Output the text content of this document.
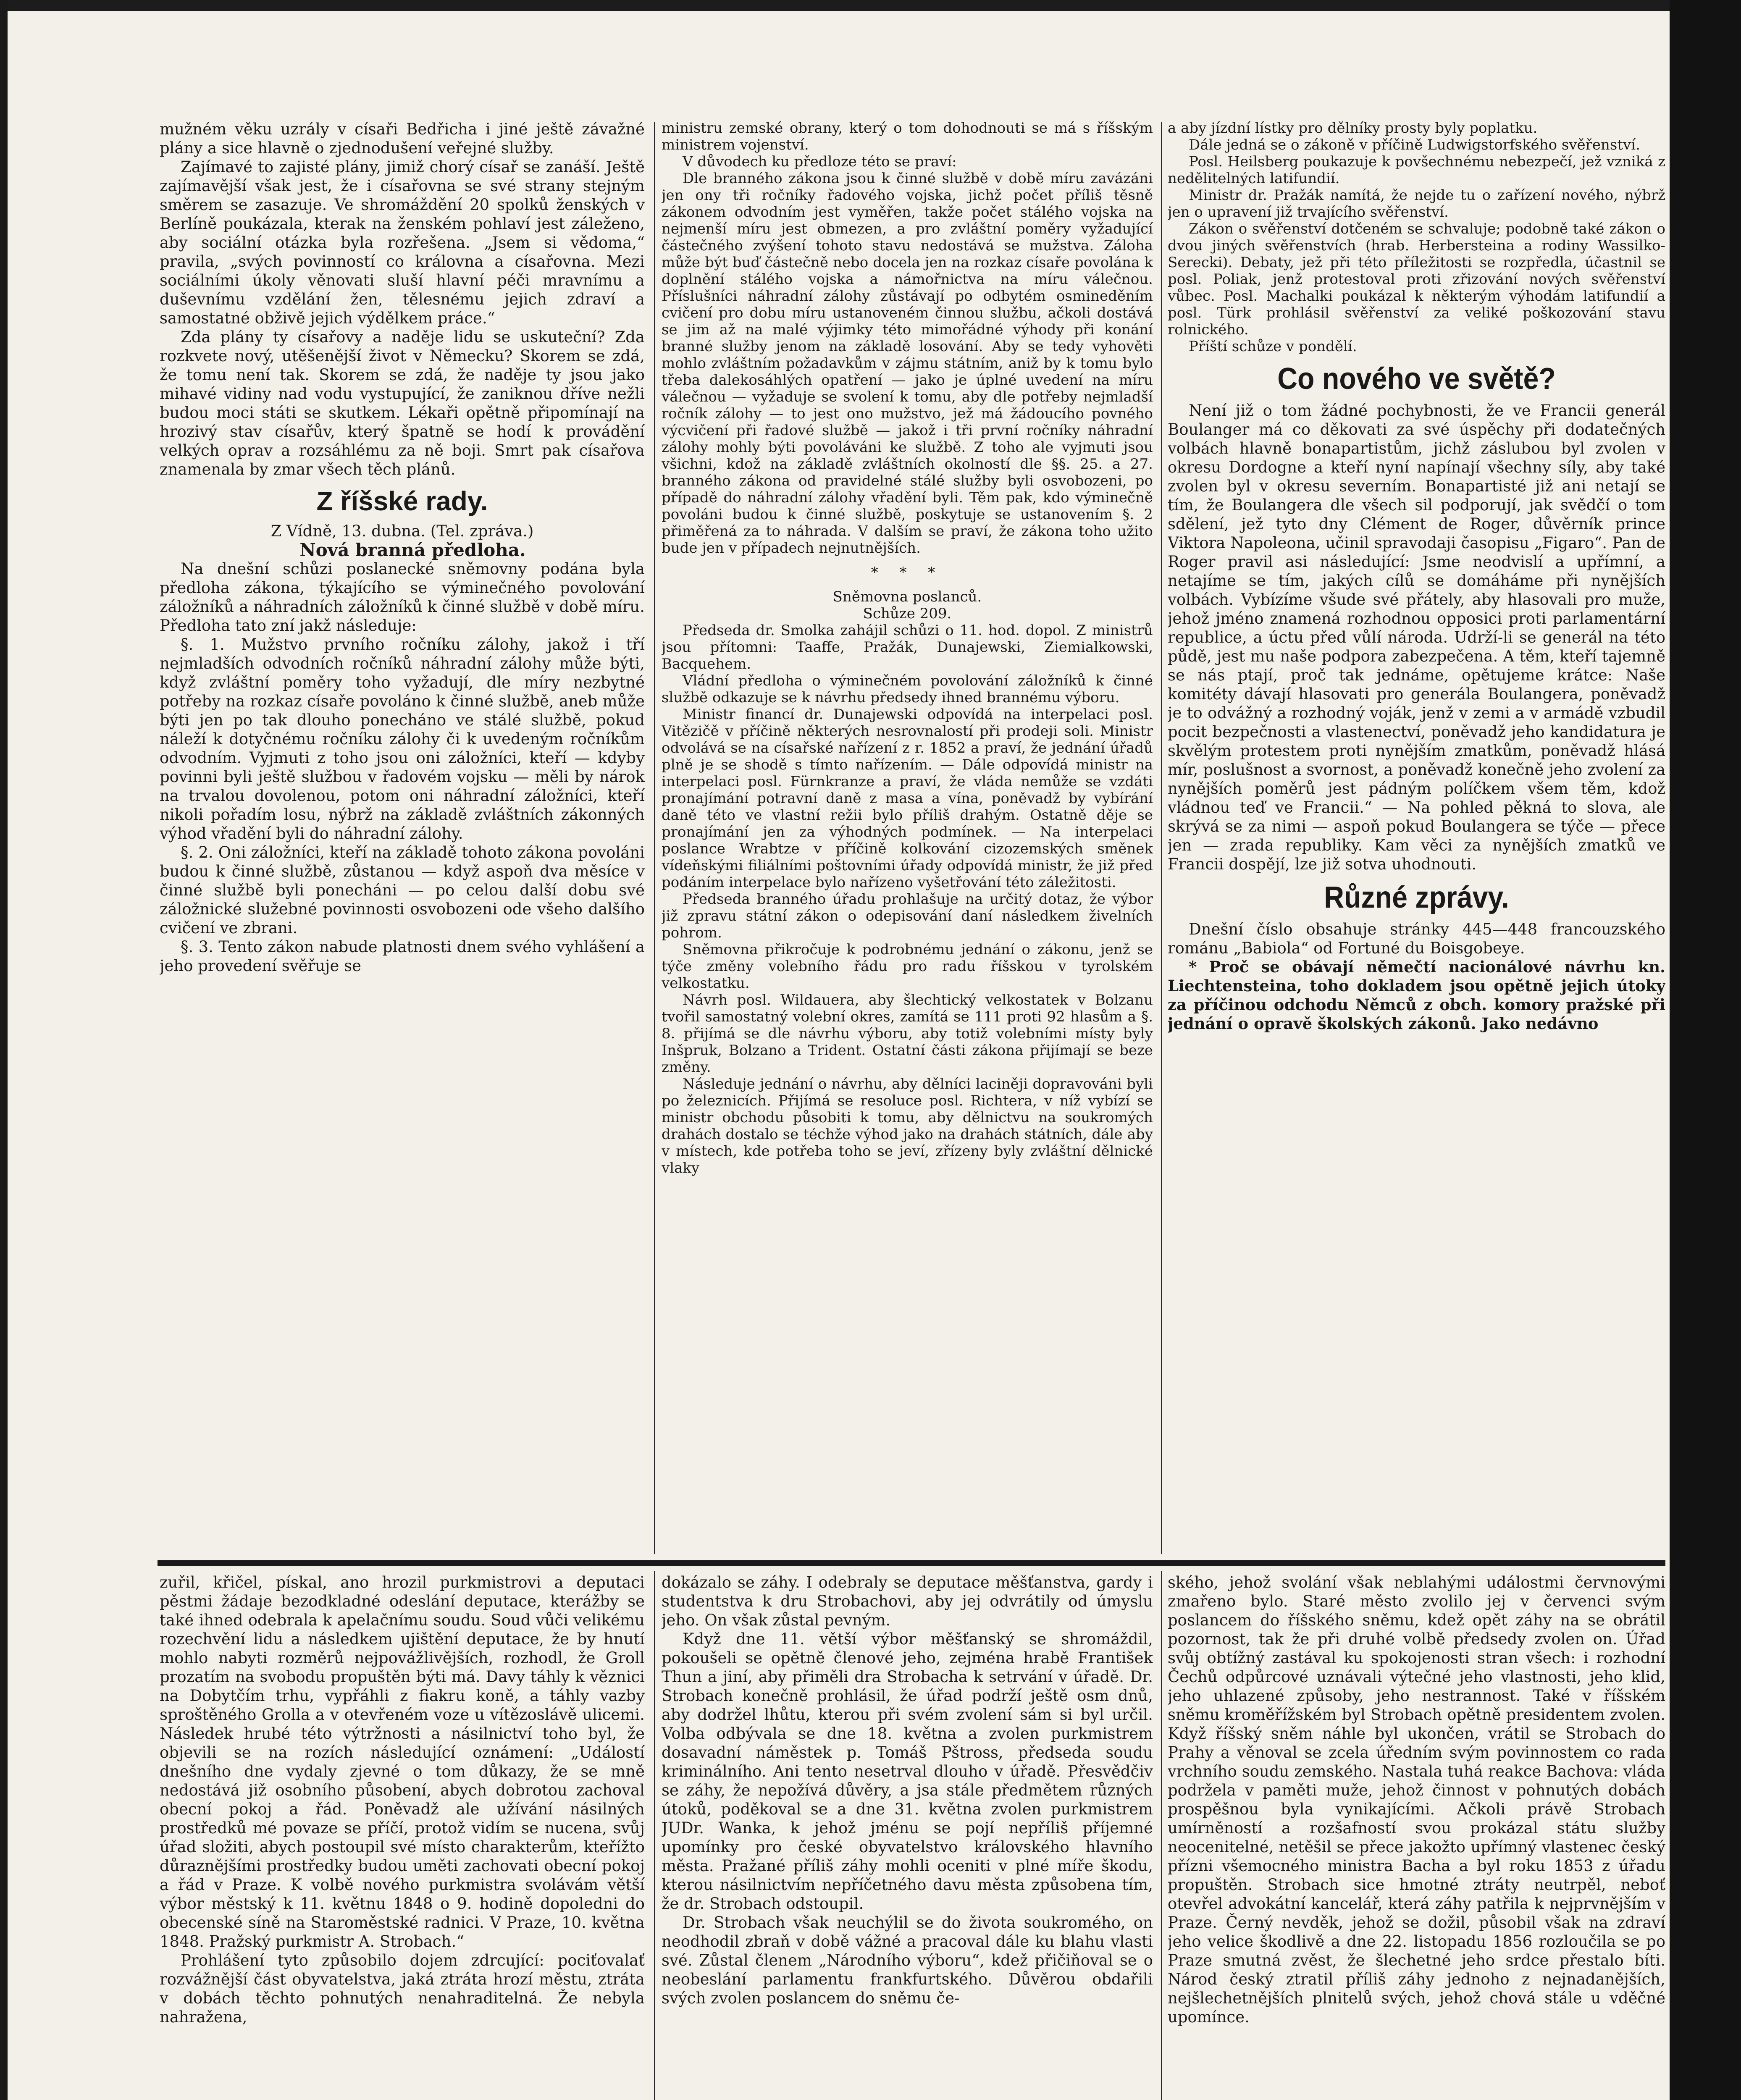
mužném věku uzrály v císaři Bedřicha i jiné ještě závažné plány a sice hlavně o zjednodušení veřejné služby.

Zajímavé to zajisté plány, jimiž chorý císař se zanáší. Ještě zajímavější však jest, že i císařovna se své strany stejným směrem se zasazuje. Ve shromáždění 20 spolků ženských v Berlíně poukázala, kterak na ženském pohlaví jest záleženo, aby sociální otázka byla rozřešena. „Jsem si vědoma,“ pravila, „svých povinností co královna a císařovna. Mezi sociálními úkoly věnovati sluší hlavní péči mravnímu a duševnímu vzdělání žen, tělesnému jejich zdraví a samostatné obživě jejich výdělkem práce.“

Zda plány ty císařovy a naděje lidu se uskuteční? Zda rozkvete nový, utěšenější život v Německu? Skorem se zdá, že tomu není tak. Skorem se zdá, že naděje ty jsou jako mihavé vidiny nad vodu vystupující, že zaniknou dříve nežli budou moci státi se skutkem. Lékaři opětně připomínají na hrozivý stav císařův, který špatně se hodí k provádění velkých oprav a rozsáhlému za ně boji. Smrt pak císařova znamenala by zmar všech těch plánů.

Z říšské rady.

Z Vídně, 13. dubna. (Tel. zpráva.)

Nová branná předloha.

Na dnešní schůzi poslanecké sněmovny podána byla předloha zákona, týkajícího se výminečného povolování záložníků a náhradních záložníků k činné službě v době míru. Předloha tato zní jakž následuje:

§. 1. Mužstvo prvního ročníku zálohy, jakož i tří nejmladších odvodních ročníků náhradní zálohy může býti, když zvláštní poměry toho vyžadují, dle míry nezbytné potřeby na rozkaz císaře povoláno k činné službě, aneb může býti jen po tak dlouho ponecháno ve stálé službě, pokud náleží k dotyčnému ročníku zálohy či k uvedeným ročníkům odvodním. Vyjmuti z toho jsou oni záložníci, kteří — kdyby povinni byli ještě službou v řadovém vojsku — měli by nárok na trvalou dovolenou, potom oni náhradní záložníci, kteří nikoli pořadím losu, nýbrž na základě zvláštních zákonných výhod vřadění byli do náhradní zálohy.

§. 2. Oni záložníci, kteří na základě tohoto zákona povoláni budou k činné službě, zůstanou — když aspoň dva měsíce v činné službě byli ponecháni — po celou další dobu své záložnické služebné povinnosti osvobozeni ode všeho dalšího cvičení ve zbrani.

§. 3. Tento zákon nabude platnosti dnem svého vyhlášení a jeho provedení svěřuje se

ministru zemské obrany, který o tom dohodnouti se má s říšským ministrem vojenství.

V důvodech ku předloze této se praví:

Dle branného zákona jsou k činné službě v době míru zavázáni jen ony tři ročníky řadového vojska, jichž počet příliš těsně zákonem odvodním jest vyměřen, takže počet stálého vojska na nejmenší míru jest obmezen, a pro zvláštní poměry vyžadující částečného zvýšení tohoto stavu nedostává se mužstva. Záloha může být buď částečně nebo docela jen na rozkaz císaře povolána k doplnění stálého vojska a námořnictva na míru válečnou. Příslušníci náhradní zálohy zůstávají po odbytém osmineděním cvičení pro dobu míru ustanoveném činnou službu, ačkoli dostává se jim až na malé výjimky této mimořádné výhody při konání branné služby jenom na základě losování. Aby se tedy vyhověti mohlo zvláštním požadavkům v zájmu státním, aniž by k tomu bylo třeba dalekosáhlých opatření — jako je úplné uvedení na míru válečnou — vyžaduje se svolení k tomu, aby dle potřeby nejmladší ročník zálohy — to jest ono mužstvo, jež má žádoucího povného výcvičení při řadové službě — jakož i tři první ročníky náhradní zálohy mohly býti povoláváni ke službě. Z toho ale vyjmuti jsou všichni, kdož na základě zvláštních okolností dle §§. 25. a 27. branného zákona od pravidelné stálé služby byli osvobozeni, po případě do náhradní zálohy vřadění byli. Těm pak, kdo výminečně povoláni budou k činné službě, poskytuje se ustanovením §. 2 přiměřená za to náhrada. V dalším se praví, že zákona toho užito bude jen v případech nejnutnějších.

* * *

Sněmovna poslanců.

Schůze 209.

Předseda dr. Smolka zahájil schůzi o 11. hod. dopol. Z ministrů jsou přítomni: Taaffe, Pražák, Dunajewski, Ziemialkowski, Bacquehem.

Vládní předloha o výminečném povolování záložníků k činné službě odkazuje se k návrhu předsedy ihned brannému výboru.

Ministr financí dr. Dunajewski odpovídá na interpelaci posl. Vitězičě v příčině některých nesrovnalostí při prodeji soli. Ministr odvolává se na císařské nařízení z r. 1852 a praví, že jednání úřadů plně je se shodě s tímto nařízením. — Dále odpovídá ministr na interpelaci posl. Fürnkranze a praví, že vláda nemůže se vzdáti pronajímání potravní daně z masa a vína, poněvadž by vybírání daně této ve vlastní režii bylo příliš drahým. Ostatně děje se pronajímání jen za výhodných podmínek. — Na interpelaci poslance Wrabtze v příčině kolkování cizozemských směnek vídeňskými filiálními poštovními úřady odpovídá ministr, že již před podáním interpelace bylo nařízeno vyšetřování této záležitosti.

Předseda branného úřadu prohlašuje na určitý dotaz, že výbor již zpravu státní zákon o odepisování daní následkem živelních pohrom.

Sněmovna přikročuje k podrobnému jednání o zákonu, jenž se týče změny volebního řádu pro radu říšskou v tyrolském velkostatku.

Návrh posl. Wildauera, aby šlechtický velkostatek v Bolzanu tvořil samostatný volební okres, zamítá se 111 proti 92 hlasům a §. 8. přijímá se dle návrhu výboru, aby totiž volebními místy byly Inšpruk, Bolzano a Trident. Ostatní části zákona přijímají se beze změny.

Následuje jednání o návrhu, aby dělníci laciněji dopravováni byli po železnicích. Přijímá se resoluce posl. Richtera, v níž vybízí se ministr obchodu působiti k tomu, aby dělnictvu na soukromých drahách dostalo se téchže výhod jako na drahách státních, dále aby v místech, kde potřeba toho se jeví, zřízeny byly zvláštní dělnické vlaky

a aby jízdní lístky pro dělníky prosty byly poplatku.

Dále jedná se o zákoně v příčině Ludwigstorfského svěřenství.

Posl. Heilsberg poukazuje k povšechnému nebezpečí, jež vzniká z nedělitelných latifundií.

Ministr dr. Pražák namítá, že nejde tu o zařízení nového, nýbrž jen o upravení již trvajícího svěřenství.

Zákon o svěřenství dotčeném se schvaluje; podobně také zákon o dvou jiných svěřenstvích (hrab. Herbersteina a rodiny Wassilko-Serecki). Debaty, jež při této příležitosti se rozpředla, účastnil se posl. Poliak, jenž protestoval proti zřizování nových svěřenství vůbec. Posl. Machalki poukázal k některým výhodám latifundií a posl. Türk prohlásil svěřenství za veliké poškozování stavu rolnického.

Příští schůze v pondělí.

Co nového ve světě?

Není již o tom žádné pochybnosti, že ve Francii generál Boulanger má co děkovati za své úspěchy při dodatečných volbách hlavně bonapartistům, jichž záslubou byl zvolen v okresu Dordogne a kteří nyní napínají všechny síly, aby také zvolen byl v okresu severním. Bonapartisté již ani netají se tím, že Boulangera dle všech sil podporují, jak svědčí o tom sdělení, jež tyto dny Clément de Roger, důvěrník prince Viktora Napoleona, učinil spravodaji časopisu „Figaro“. Pan de Roger pravil asi následující: Jsme neodvislí a upřímní, a netajíme se tím, jakých cílů se domáháme při nynějších volbách. Vybízíme všude své přátely, aby hlasovali pro muže, jehož jméno znamená rozhodnou opposici proti parlamentární republice, a úctu před vůlí národa. Udrží-li se generál na této půdě, jest mu naše podpora zabezpečena. A těm, kteří tajemně se nás ptají, proč tak jednáme, opětujeme krátce: Naše komitéty dávají hlasovati pro generála Boulangera, poněvadž je to odvážný a rozhodný voják, jenž v zemi a v armádě vzbudil pocit bezpečnosti a vlastenectví, poněvadž jeho kandidatura je skvělým protestem proti nynějším zmatkům, poněvadž hlásá mír, poslušnost a svornost, a poněvadž konečně jeho zvolení za nynějších poměrů jest pádným políčkem všem těm, kdož vládnou teď ve Francii.“ — Na pohled pěkná to slova, ale skrývá se za nimi — aspoň pokud Boulangera se týče — přece jen — zrada republiky. Kam věci za nynějších zmatků ve Francii dospějí, lze již sotva uhodnouti.

Různé zprávy.

Dnešní číslo obsahuje stránky 445—448 francouzského románu „Babiola“ od Fortuné du Boisgobeye.

* Proč se obávají němečtí nacionálové návrhu kn. Liechtensteina, toho dokladem jsou opětně jejich útoky za příčinou odchodu Němců z obch. komory pražské při jednání o opravě školských zákonů. Jako nedávno

zuřil, křičel, pískal, ano hrozil purkmistrovi a deputaci pěstmi žádaje bezodkladné odeslání deputace, kterážby se také ihned odebrala k apelačnímu soudu. Soud vůči velikému rozechvění lidu a následkem ujištění deputace, že by hnutí mohlo nabyti rozměrů nejpovážlivějších, rozhodl, že Groll prozatím na svobodu propuštěn býti má. Davy táhly k věznici na Dobytčím trhu, vypřáhli z fiakru koně, a táhly vazby sproštěného Grolla a v otevřeném voze u vítězoslávě ulicemi. Následek hrubé této výtržnosti a násilnictví toho byl, že objevili se na rozích následující oznámení: „Událostí dnešního dne vydaly zjevné o tom důkazy, že se mně nedostává již osobního působení, abych dobrotou zachoval obecní pokoj a řád. Poněvadž ale užívání násilných prostředků mé povaze se příčí, protož vidím se nucena, svůj úřad složiti, abych postoupil své místo charakterům, kteřížto důraznějšími prostředky budou uměti zachovati obecní pokoj a řád v Praze. K volbě nového purkmistra svolávám větší výbor městský k 11. květnu 1848 o 9. hodině dopoledni do obecenské síně na Staroměstské radnici. V Praze, 10. května 1848. Pražský purkmistr A. Strobach.“

Prohlášení tyto způsobilo dojem zdrcující: pociťovalať rozvážnější část obyvatelstva, jaká ztráta hrozí městu, ztráta v dobách těchto pohnutých nenahraditelná. Že nebyla nahražena,

dokázalo se záhy. I odebraly se deputace měšťanstva, gardy i studentstva k dru Strobachovi, aby jej odvrátily od úmyslu jeho. On však zůstal pevným.

Když dne 11. větší výbor měšťanský se shromáždil, pokoušeli se opětně členové jeho, zejména hrabě František Thun a jiní, aby přiměli dra Strobacha k setrvání v úřadě. Dr. Strobach konečně prohlásil, že úřad podrží ještě osm dnů, aby dodržel lhůtu, kterou při svém zvolení sám si byl určil. Volba odbývala se dne 18. května a zvolen purkmistrem dosavadní náměstek p. Tomáš Pštross, předseda soudu kriminálního. Ani tento nesetrval dlouho v úřadě. Přesvědčiv se záhy, že nepožívá důvěry, a jsa stále předmětem různých útoků, poděkoval se a dne 31. května zvolen purkmistrem JUDr. Wanka, k jehož jménu se pojí nepříliš příjemné upomínky pro české obyvatelstvo královského hlavního města. Pražané příliš záhy mohli oceniti v plné míře škodu, kterou násilnictvím nepříčetného davu města způsobena tím, že dr. Strobach odstoupil.

Dr. Strobach však neuchýlil se do života soukromého, on neodhodil zbraň v době vážné a pracoval dále ku blahu vlasti své. Zůstal členem „Národního výboru“, kdež přičiňoval se o neobeslání parlamentu frankfurtského. Důvěrou obdařili svých zvolen poslancem do sněmu če-

ského, jehož svolání však neblahými událostmi červnovými zmařeno bylo. Staré město zvolilo jej v červenci svým poslancem do říšského sněmu, kdež opět záhy na se obrátil pozornost, tak že při druhé volbě předsedy zvolen on. Úřad svůj obtížný zastával ku spokojenosti stran všech: i rozhodní Čechů odpůrcové uznávali výtečné jeho vlastnosti, jeho klid, jeho uhlazené způsoby, jeho nestrannost. Také v říšském sněmu kroměřížském byl Strobach opětně presidentem zvolen. Když říšský sněm náhle byl ukončen, vrátil se Strobach do Prahy a věnoval se zcela úředním svým povinnostem co rada vrchního soudu zemského. Nastala tuhá reakce Bachova: vláda podržela v paměti muže, jehož činnost v pohnutých dobách prospěšnou byla vynikajícími. Ačkoli právě Strobach umírněností a rozšafností svou prokázal státu služby neocenitelné, netěšil se přece jakožto upřímný vlastenec český přízni všemocného ministra Bacha a byl roku 1853 z úřadu propuštěn. Strobach sice hmotné ztráty neutrpěl, neboť otevřel advokátní kancelář, která záhy patřila k nejprvnějším v Praze. Černý nevděk, jehož se dožil, působil však na zdraví jeho velice škodlivě a dne 22. listopadu 1856 rozloučila se po Praze smutná zvěst, že šlechetné jeho srdce přestalo bíti. Národ český ztratil příliš záhy jednoho z nejnadanějších, nejšlechetnějších plnitelů svých, jehož chová stále u vděčné upomínce.
